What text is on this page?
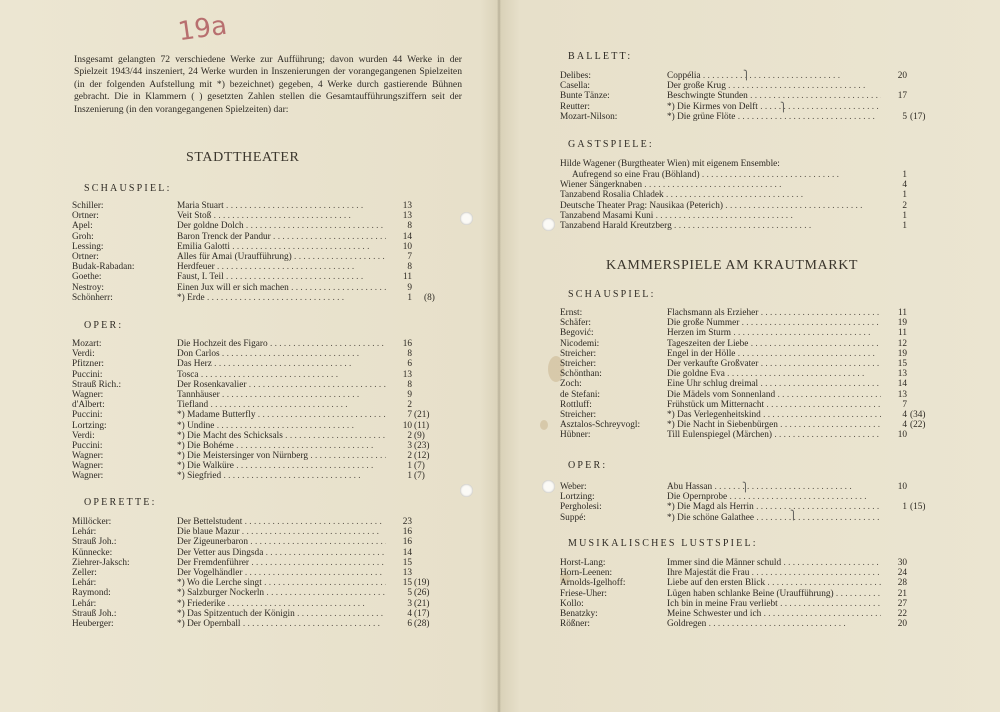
19a
Insgesamt gelangten 72 verschiedene Werke zur Aufführung; davon wurden 44 Werke in der Spielzeit 1943/44 inszeniert, 24 Werke wurden in Inszenierungen der vorangegangenen Spielzeiten (in der folgenden Aufstellung mit *) bezeichnet) gegeben, 4 Werke durch gastierende Bühnen gebracht. Die in Klammern ( ) gesetzten Zahlen stellen die Gesamtaufführungsziffern seit der Inszenierung (in den vorangegangenen Spielzeiten) dar:
STADTTHEATER
SCHAUSPIEL:
Schiller:	Maria Stuart . . .	13
Ortner:	Veit Stoß . . .	13
Apel:	Der goldne Dolch . . .	8
Groh:	Baron Trenck der Pandur . . .	14
Lessing:	Emilia Galotti . . .	10
Ortner:	Alles für Amai (Uraufführung) . . .	7
Budak-Rabadan:	Herdfeuer . . .	8
Goethe:	Faust, I. Teil . . .	11
Nestroy:	Einen Jux will er sich machen . . .	9
Schönherr:	*) Erde . . .	1 (8)
OPER:
Mozart:	Die Hochzeit des Figaro . . .	16
Verdi:	Don Carlos . . .	8
Pfitzner:	Das Herz . . .	6
Puccini:	Tosca . . .	13
Strauß Rich.:	Der Rosenkavalier . . .	8
Wagner:	Tannhäuser . . .	9
d'Albert:	Tiefland . . .	2
Puccini:	*) Madame Butterfly . . .	7 (21)
Lortzing:	*) Undine . . .	10 (11)
Verdi:	*) Die Macht des Schicksals . . .	2 (9)
Puccini:	*) Die Bohéme . . .	3 (23)
Wagner:	*) Die Meistersinger von Nürnberg . . .	2 (12)
Wagner:	*) Die Walküre . . .	1 (7)
Wagner:	*) Siegfried . . .	1 (7)
OPERETTE:
Millöcker:	Der Bettelstudent . . .	23
Lehár:	Die blaue Mazur . . .	16
Strauß Joh.:	Der Zigeunerbaron . . .	16
Künnecke:	Der Vetter aus Dingsda . . .	14
Ziehrer-Jaksch:	Der Fremdenführer . . .	15
Zeller:	Der Vogelhändler . . .	13
Lehár:	*) Wo die Lerche singt . . .	15 (19)
Raymond:	*) Salzburger Nockerln . . .	5 (26)
Lehár:	*) Friederike . . .	3 (21)
Strauß Joh.:	*) Das Spitzentuch der Königin . . .	4 (17)
Heuberger:	*) Der Opernball . . .	6 (28)
BALLETT:
Delibes:	Coppélia . . .	20
Casella:	Der große Krug . . .
Bunte Tänze:	Beschwingte Stunden . . .	17
Reutter:	*) Die Kirmes von Delft . . .
Mozart-Nilson:	*) Die grüne Flöte . . .	5 (17)
⎫
⎫
GASTSPIELE:
Hilde Wagener (Burgtheater Wien) mit eigenem Ensemble:
Aufregend so eine Frau (Böhland) . . .	1
Wiener Sängerknaben . . .	4
Tanzabend Rosalia Chladek . . .	1
Deutsche Theater Prag: Nausikaa (Peterich) . . .	2
Tanzabend Masami Kuni . . .	1
Tanzabend Harald Kreutzberg . . .	1
KAMMERSPIELE AM KRAUTMARKT
SCHAUSPIEL:
Ernst:	Flachsmann als Erzieher . . .	11
Schäfer:	Die große Nummer . . .	19
Begović:	Herzen im Sturm . . .	11
Nicodemi:	Tageszeiten der Liebe . . .	12
Streicher:	Engel in der Hölle . . .	19
Streicher:	Der verkaufte Großvater . . .	15
Schönthan:	Die goldne Eva . . .	13
Zoch:	Eine Uhr schlug dreimal . . .	14
de Stefani:	Die Mädels vom Sonnenland . . .	13
Rottluff:	Frühstück um Mitternacht . . .	7
Streicher:	*) Das Verlegenheitskind . . .	4 (34)
Asztalos-Schreyvogl:	*) Die Nacht in Siebenbürgen . . .	4 (22)
Hübner:	Till Eulenspiegel (Märchen) . . .	10
OPER:
Weber:	Abu Hassan . . .	10
Lortzing:	Die Opernprobe . . .
Pergholesi:	*) Die Magd als Herrin . . .	1 (15)
Suppé:	*) Die schöne Galathee . . .
⎫
⎫
MUSIKALISCHES LUSTSPIEL:
Horst-Lang:	Immer sind die Männer schuld . . .	30
Horn-Leenen:	Ihre Majestät die Frau . . .	24
Arnolds-Igelhoff:	Liebe auf den ersten Blick . . .	28
Friese-Uher:	Lügen haben schlanke Beine (Uraufführung) . . .	21
Kollo:	Ich bin in meine Frau verliebt . . .	27
Benatzky:	Meine Schwester und ich . . .	22
Rößner:	Goldregen . . .	20
